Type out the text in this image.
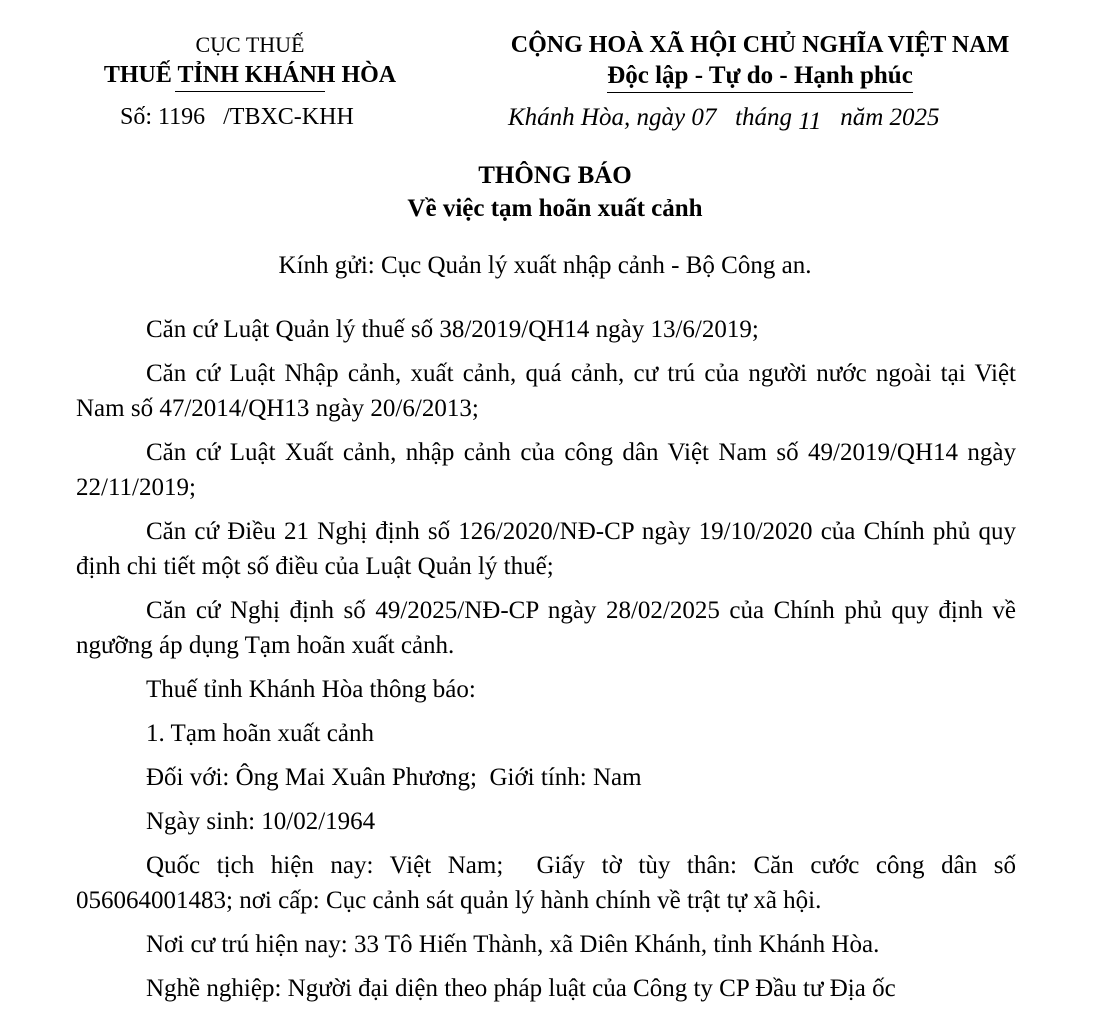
CỤC THUẾ
THUẾ TỈNH KHÁNH HÒA
Số: 1196 /TBXC-KHH
CỘNG HOÀ XÃ HỘI CHỦ NGHĨA VIỆT NAM
Độc lập - Tự do - Hạnh phúc
Khánh Hòa, ngày 07 tháng 11 năm 2025
THÔNG BÁO
Về việc tạm hoãn xuất cảnh
Kính gửi: Cục Quản lý xuất nhập cảnh - Bộ Công an.

Căn cứ Luật Quản lý thuế số 38/2019/QH14 ngày 13/6/2019;

Căn cứ Luật Nhập cảnh, xuất cảnh, quá cảnh, cư trú của người nước ngoài tại Việt Nam số 47/2014/QH13 ngày 20/6/2013;

Căn cứ Luật Xuất cảnh, nhập cảnh của công dân Việt Nam số 49/2019/QH14 ngày 22/11/2019;

Căn cứ Điều 21 Nghị định số 126/2020/NĐ-CP ngày 19/10/2020 của Chính phủ quy định chi tiết một số điều của Luật Quản lý thuế;

Căn cứ Nghị định số 49/2025/NĐ-CP ngày 28/02/2025 của Chính phủ quy định về ngưỡng áp dụng Tạm hoãn xuất cảnh.

Thuế tỉnh Khánh Hòa thông báo:

1. Tạm hoãn xuất cảnh

Đối với: Ông Mai Xuân Phương;  Giới tính: Nam

Ngày sinh: 10/02/1964

Quốc tịch hiện nay: Việt Nam;  Giấy tờ tùy thân: Căn cước công dân số 056064001483; nơi cấp: Cục cảnh sát quản lý hành chính về trật tự xã hội.

Nơi cư trú hiện nay: 33 Tô Hiến Thành, xã Diên Khánh, tỉnh Khánh Hòa.

Nghề nghiệp: Người đại diện theo pháp luật của Công ty CP Đầu tư Địa ốc
